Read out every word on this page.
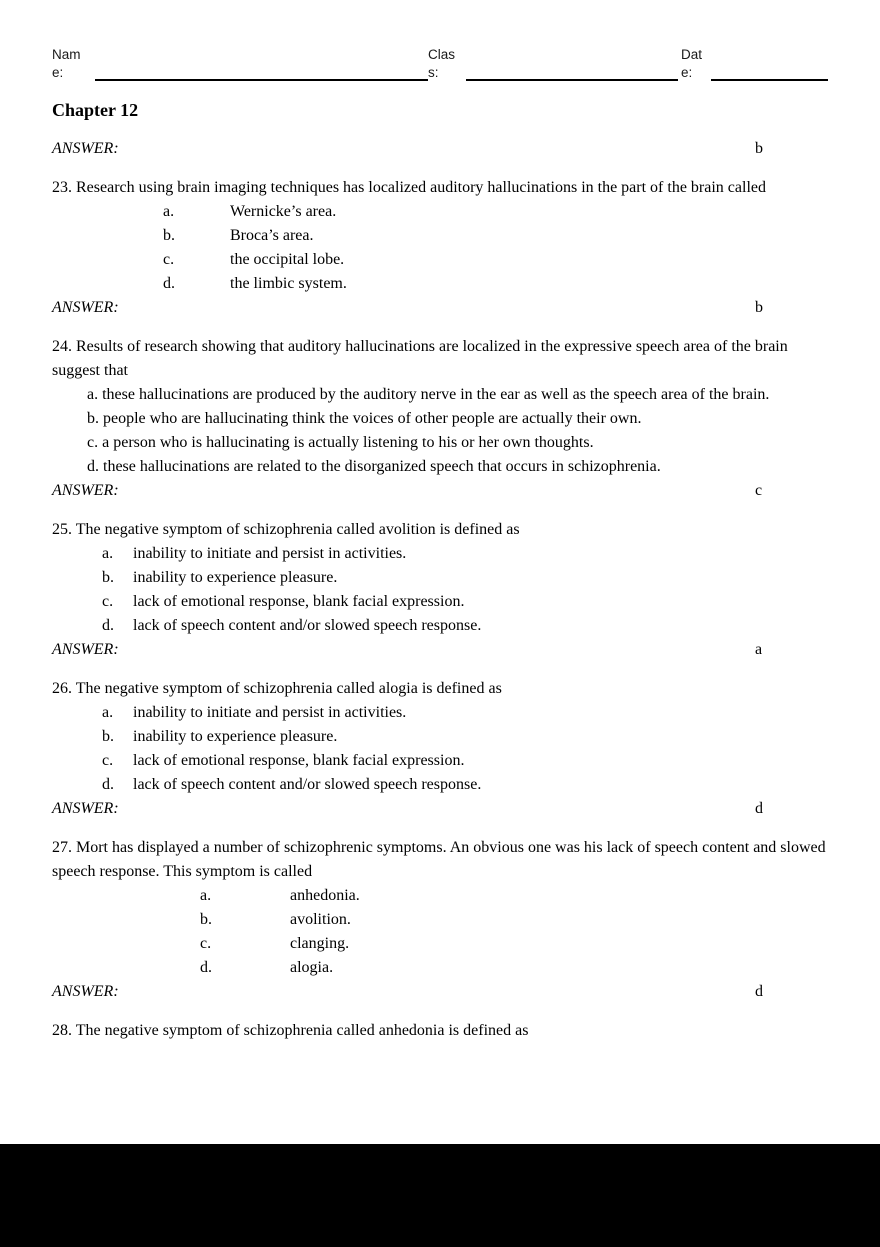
Name:
Class:
Date:
Chapter 12
ANSWER:	b
23. Research using brain imaging techniques has localized auditory hallucinations in the part of the brain called
a.	Wernicke’s area.
b.	Broca’s area.
c.	the occipital lobe.
d.	the limbic system.
ANSWER:	b
24. Results of research showing that auditory hallucinations are localized in the expressive speech area of the brain suggest that
a. these hallucinations are produced by the auditory nerve in the ear as well as the speech area of the brain.
b. people who are hallucinating think the voices of other people are actually their own.
c. a person who is hallucinating is actually listening to his or her own thoughts.
d. these hallucinations are related to the disorganized speech that occurs in schizophrenia.
ANSWER:	c
25. The negative symptom of schizophrenia called avolition is defined as
a.	inability to initiate and persist in activities.
b.	inability to experience pleasure.
c.	lack of emotional response, blank facial expression.
d.	lack of speech content and/or slowed speech response.
ANSWER:	a
26. The negative symptom of schizophrenia called alogia is defined as
a.	inability to initiate and persist in activities.
b.	inability to experience pleasure.
c.	lack of emotional response, blank facial expression.
d.	lack of speech content and/or slowed speech response.
ANSWER:	d
27. Mort has displayed a number of schizophrenic symptoms. An obvious one was his lack of speech content and slowed speech response. This symptom is called
a.	anhedonia.
b.	avolition.
c.	clanging.
d.	alogia.
ANSWER:	d
28. The negative symptom of schizophrenia called anhedonia is defined as
